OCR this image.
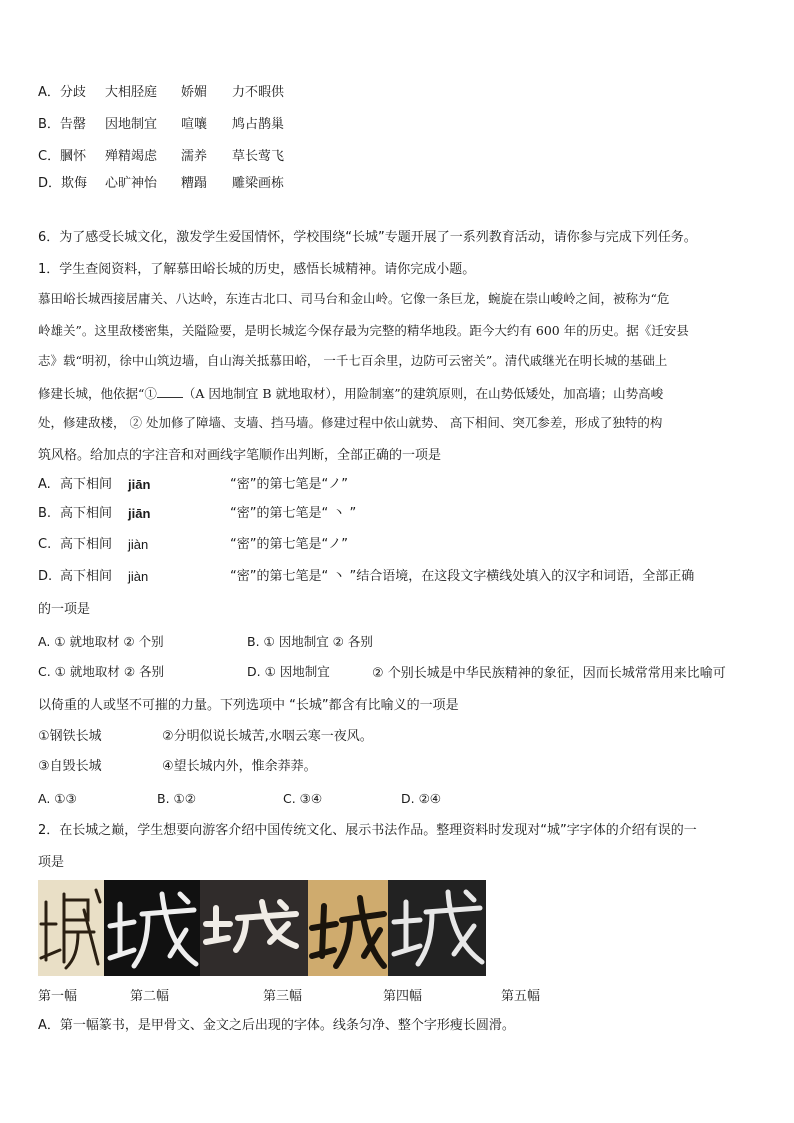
A．分歧 大相胫庭 娇媚 力不暇供
B．告罄 因地制宜 喧嚷 鸠占鹊巢
C．膕怀 殚精竭虑 濡养 草长莺飞
D．欺侮 心旷神怡 糟蹋 雕梁画栋
6．为了感受长城文化，激发学生爱国情怀，学校围绕“长城”专题开展了一系列教育活动，请你参与完成下列任务。
1．学生查阅资料，了解慕田峪长城的历史，感悟长城精神。请你完成小题。
慕田峪长城西接居庸关、八达岭，东连古北口、司马台和金山岭。它像一条巨龙，蜿旋在崇山峻岭之间，被称为“危
岭雄关”。这里敌楼密集，关隘险要，是明长城迄今保存最为完整的精华地段。距今大约有 600 年的历史。据《迁安县
志》载“明初，徐中山筑边墙，自山海关抵慕田峪， 一千七百余里，边防可云密关”。清代戚继光在明长城的基础上
修建长城，他依据“① （A 因地制宜 B 就地取材），用险制塞”的建筑原则，在山势低矮处，加高墙；山势高峻
处，修建敌楼， ② 处加修了障墙、支墙、挡马墙。修建过程中依山就势、 高下相间、突兀参差，形成了独特的构
筑风格。给加点的字注音和对画线字笔顺作出判断，全部正确的一项是
A. 高下相间 jiān	“密”的第七笔是“ノ”
B. 高下相间 jiān	“密”的第七笔是“ 丶 ”
C. 高下相间 jiàn	“密”的第七笔是“ノ”
D. 高下相间 jiàn	“密”的第七笔是“ 丶 ”结合语境，在这段文字横线处填入的汉字和词语，全部正确
的一项是
A. ① 就地取材 ② 个别	B. ① 因地制宜 ② 各别
C. ① 就地取材 ② 各别	D. ① 因地制宜	② 个别长城是中华民族精神的象征，因而长城常常用来比喻可
以倚重的人或坚不可摧的力量。下列选项中 “长城”都含有比喻义的一项是
①钢铁长城	②分明似说长城苦,水咽云寒一夜风。
③自毁长城	④望长城内外，惟余莽莽。
A. ①③	B. ①②	C. ③④	D. ②④
2．在长城之巅，学生想要向游客介绍中国传统文化、展示书法作品。整理资料时发现对“城”字字体的介绍有误的一
项是
第一幅	第二幅	第三幅	第四幅	第五幅
A．第一幅篆书，是甲骨文、金文之后出现的字体。线条匀净、整个字形瘦长圆滑。
